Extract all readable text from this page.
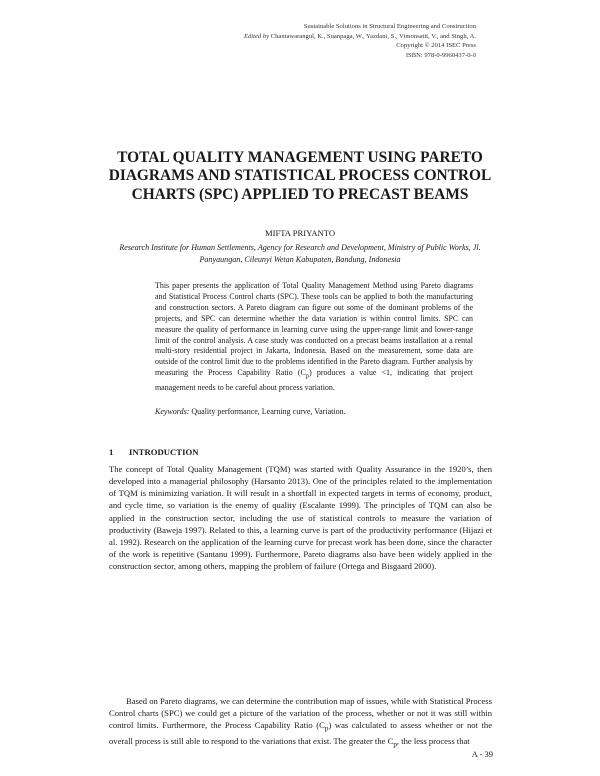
Sustainable Solutions in Structural Engineering and Construction
Edited by Chantawarangul, K., Suanpaga, W., Yazdani, S., Vimonsatit, V., and Singh, A.
Copyright © 2014 ISEC Press
ISBN: 978-0-9960437-0-0
TOTAL QUALITY MANAGEMENT USING PARETO DIAGRAMS AND STATISTICAL PROCESS CONTROL CHARTS (SPC) APPLIED TO PRECAST BEAMS
MIFTA PRIYANTO
Research Institute for Human Settlements, Agency for Research and Development, Ministry of Public Works, Jl. Panyaungan, Cileunyi Wetan Kabupaten, Bandung, Indonesia

This paper presents the application of Total Quality Management Method using Pareto diagrams and Statistical Process Control charts (SPC). These tools can be applied to both the manufacturing and construction sectors. A Pareto diagram can figure out some of the dominant problems of the projects, and SPC can determine whether the data variation is within control limits. SPC can measure the quality of performance in learning curve using the upper-range limit and lower-range limit of the control analysis. A case study was conducted on a precast beams installation at a rental multi-story residential project in Jakarta, Indonesia. Based on the measurement, some data are outside of the control limit due to the problems identified in the Pareto diagram. Further analysis by measuring the Process Capability Ratio $(C_p)$ produces a value <1, indicating that project management needs to be careful about process variation.

Keywords: Quality performance, Learning curve, Variation.
1 INTRODUCTION

The concept of Total Quality Management (TQM) was started with Quality Assurance in the 1920’s, then developed into a managerial philosophy (Harsanto 2013). One of the principles related to the implementation of TQM is minimizing variation. It will result in a shortfall in expected targets in terms of economy, product, and cycle time, so variation is the enemy of quality (Escalante 1999). The principles of TQM can also be applied in the construction sector, including the use of statistical controls to measure the variation of productivity (Baweja 1997). Related to this, a learning curve is part of the productivity performance (Hijazi et al. 1992). Research on the application of the learning curve for precast work has been done, since the character of the work is repetitive (Santanu 1999). Furthermore, Pareto diagrams also have been widely applied in the construction sector, among others, mapping the problem of failure (Ortega and Bisgaard 2000).

Based on Pareto diagrams, we can determine the contribution map of issues, while with Statistical Process Control charts (SPC) we could get a picture of the variation of the process, whether or not it was still within control limits. Furthermore, the Process Capability Ratio $(C_p)$ was calculated to assess whether or not the overall process is still able to respond to the variations that exist. The greater the $C_p$, the less process that

A - 39
